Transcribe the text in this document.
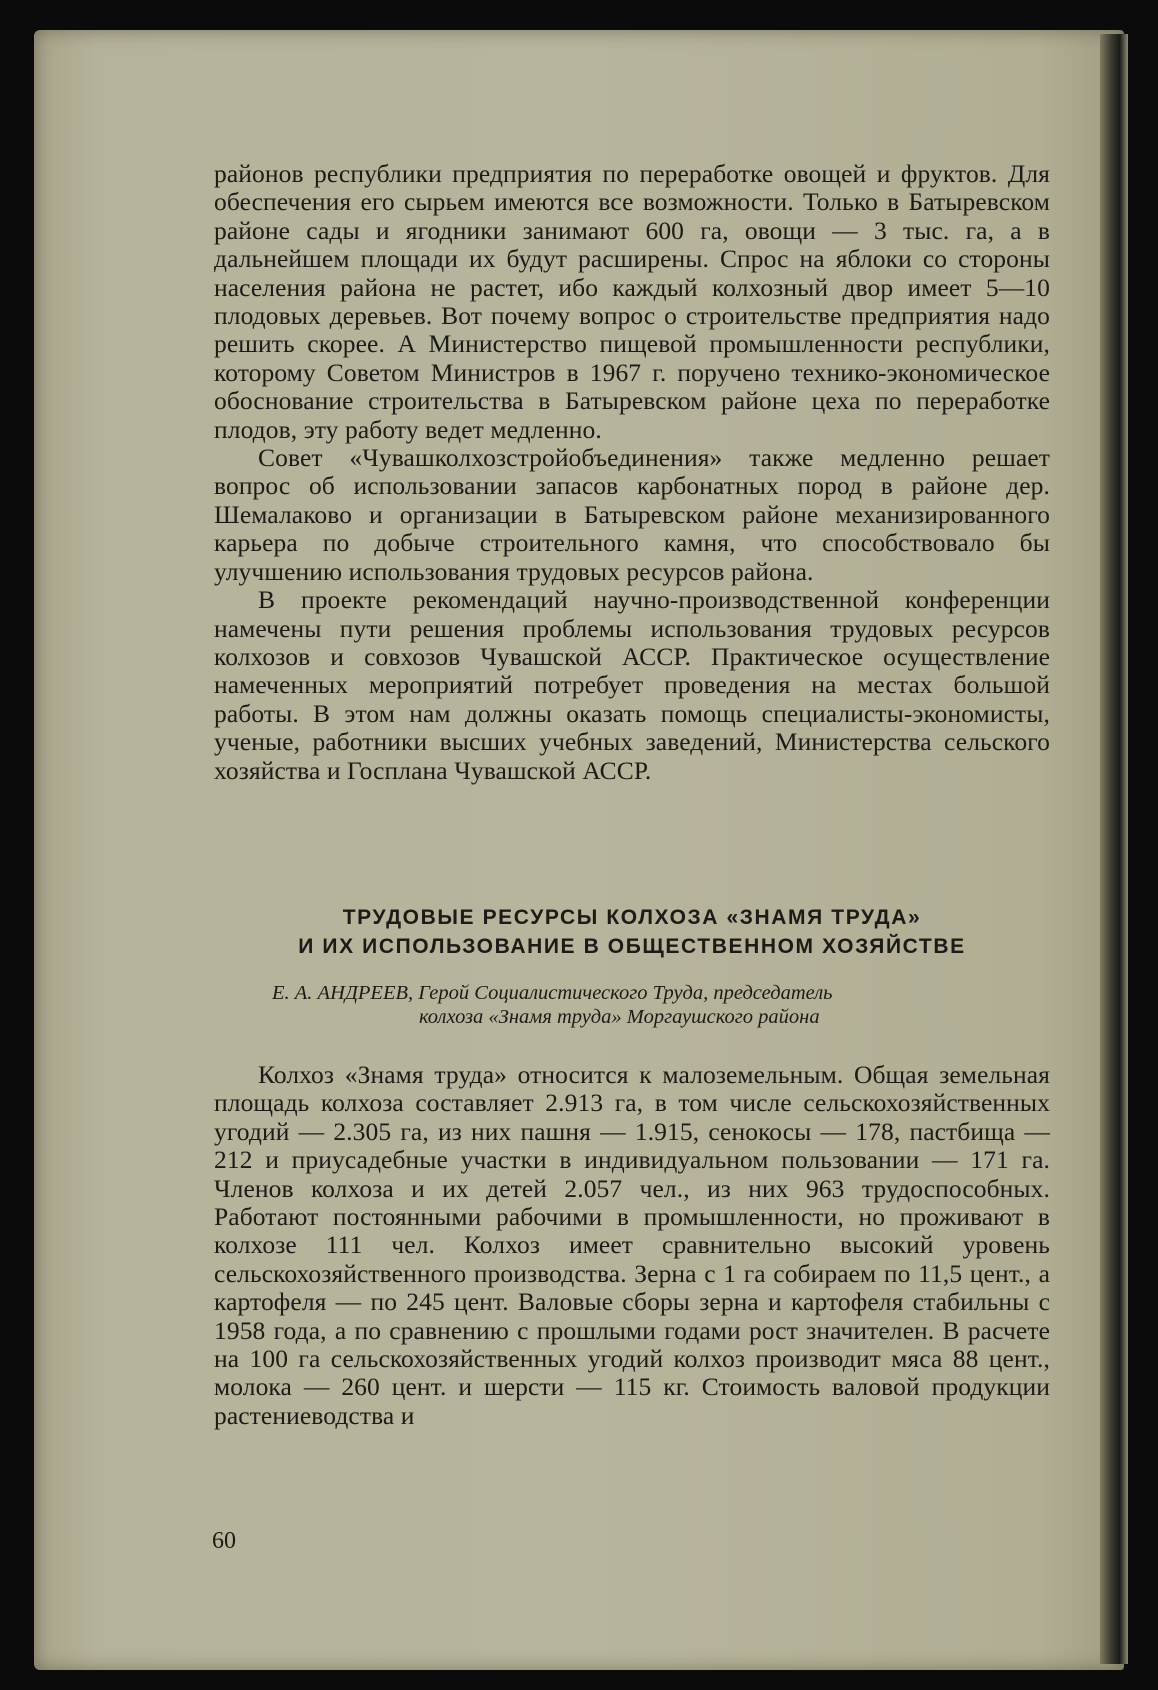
районов республики предприятия по переработке овощей и фруктов. Для обеспечения его сырьем имеются все возможности. Только в Батыревском районе сады и ягодники занимают 600 га, овощи — 3 тыс. га, а в дальнейшем площади их будут расширены. Спрос на яблоки со стороны населения района не растет, ибо каждый колхозный двор имеет 5—10 плодовых деревьев. Вот почему вопрос о строительстве предприятия надо решить скорее. А Министерство пищевой промышленности республики, которому Советом Министров в 1967 г. поручено технико-экономическое обоснование строительства в Батыревском районе цеха по переработке плодов, эту работу ведет медленно.

Совет «Чувашколхозстройобъединения» также медленно решает вопрос об использовании запасов карбонатных пород в районе дер. Шемалаково и организации в Батыревском районе механизированного карьера по добыче строительного камня, что способствовало бы улучшению использования трудовых ресурсов района.

В проекте рекомендаций научно-производственной конференции намечены пути решения проблемы использования трудовых ресурсов колхозов и совхозов Чувашской АССР. Практическое осуществление намеченных мероприятий потребует проведения на местах большой работы. В этом нам должны оказать помощь специалисты-экономисты, ученые, работники высших учебных заведений, Министерства сельского хозяйства и Госплана Чувашской АССР.

ТРУДОВЫЕ РЕСУРСЫ КОЛХОЗА «ЗНАМЯ ТРУДА»
И ИХ ИСПОЛЬЗОВАНИЕ В ОБЩЕСТВЕННОМ ХОЗЯЙСТВЕ
Е. А. АНДРЕЕВ, Герой Социалистического Труда, председатель
колхоза «Знамя труда» Моргаушского района

Колхоз «Знамя труда» относится к малоземельным. Общая земельная площадь колхоза составляет 2.913 га, в том числе сельскохозяйственных угодий — 2.305 га, из них пашня — 1.915, сенокосы — 178, пастбища — 212 и приусадебные участки в индивидуальном пользовании — 171 га. Членов колхоза и их детей 2.057 чел., из них 963 трудоспособных. Работают постоянными рабочими в промышленности, но проживают в колхозе 111 чел. Колхоз имеет сравнительно высокий уровень сельскохозяйственного производства. Зерна с 1 га собираем по 11,5 цент., а картофеля — по 245 цент. Валовые сборы зерна и картофеля стабильны с 1958 года, а по сравнению с прошлыми годами рост значителен. В расчете на 100 га сельскохозяйственных угодий колхоз производит мяса 88 цент., молока — 260 цент. и шерсти — 115 кг. Стоимость валовой продукции растениеводства и

60
